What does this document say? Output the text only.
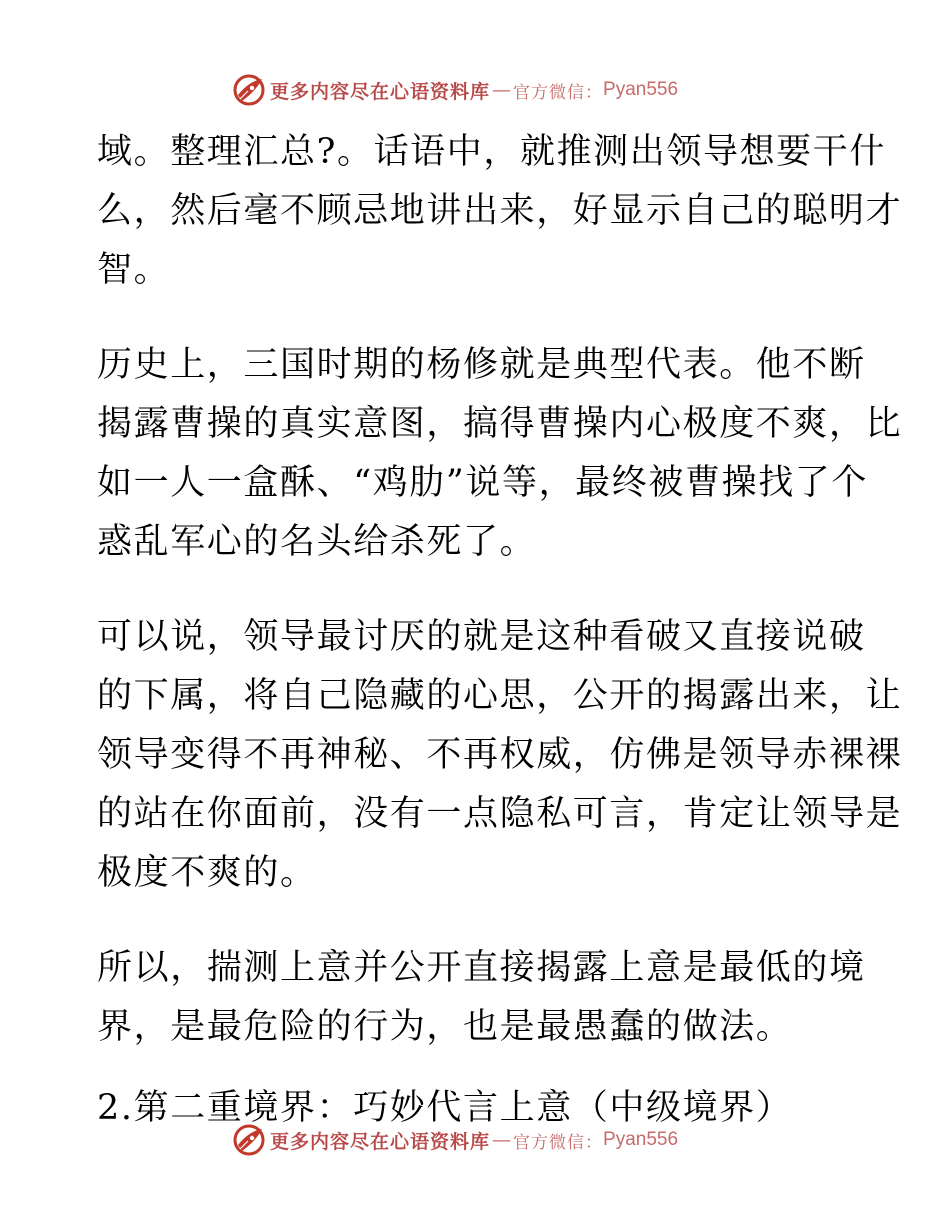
更多内容尽在心语资料库 — 官方微信： Pyan556
域。整理汇总?。话语中，就推测出领导想要干什
么，然后毫不顾忌地讲出来，好显示自己的聪明才
智。
历史上，三国时期的杨修就是典型代表。他不断
揭露曹操的真实意图，搞得曹操内心极度不爽，比
如一人一盒酥、“鸡肋”说等，最终被曹操找了个
惑乱军心的名头给杀死了。
可以说，领导最讨厌的就是这种看破又直接说破
的下属，将自己隐藏的心思，公开的揭露出来，让
领导变得不再神秘、不再权威，仿佛是领导赤裸裸
的站在你面前，没有一点隐私可言，肯定让领导是
极度不爽的。
所以，揣测上意并公开直接揭露上意是最低的境
界，是最危险的行为，也是最愚蠢的做法。
2.第二重境界：巧妙代言上意（中级境界）
更多内容尽在心语资料库 — 官方微信： Pyan556
